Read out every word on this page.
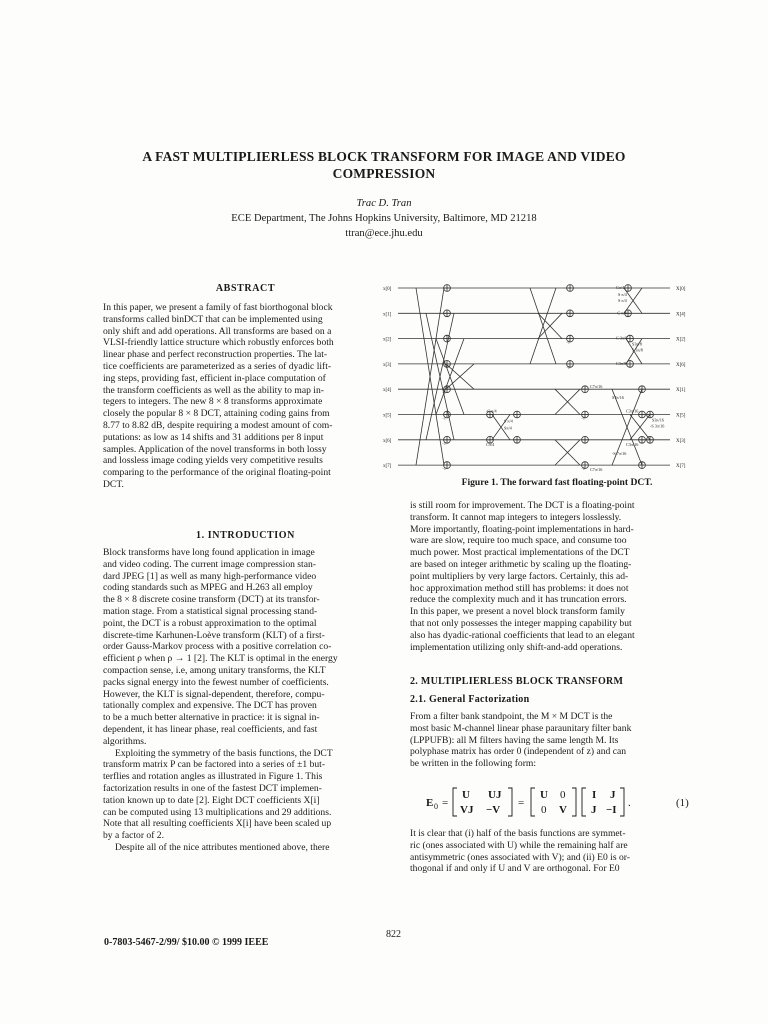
A FAST MULTIPLIERLESS BLOCK TRANSFORM FOR IMAGE AND VIDEO
COMPRESSION
Trac D. Tran
ECE Department, The Johns Hopkins University, Baltimore, MD 21218
ttran@ece.jhu.edu
ABSTRACT

In this paper, we present a family of fast biorthogonal block
transforms called binDCT that can be implemented using
only shift and add operations. All transforms are based on a
VLSI-friendly lattice structure which robustly enforces both
linear phase and perfect reconstruction properties. The lat-
tice coefficients are parameterized as a series of dyadic lift-
ing steps, providing fast, efficient in-place computation of
the transform coefficients as well as the ability to map in-
tegers to integers. The new 8 × 8 transforms approximate
closely the popular 8 × 8 DCT, attaining coding gains from
8.77 to 8.82 dB, despite requiring a modest amount of com-
putations: as low as 14 shifts and 31 additions per 8 input
samples. Application of the novel transforms in both lossy
and lossless image coding yields very competitive results
comparing to the performance of the original floating-point
DCT.

1. INTRODUCTION

Block transforms have long found application in image
and video coding. The current image compression stan-
dard JPEG [1] as well as many high-performance video
coding standards such as MPEG and H.263 all employ
the 8 × 8 discrete cosine transform (DCT) at its transfor-
mation stage. From a statistical signal processing stand-
point, the DCT is a robust approximation to the optimal
discrete-time Karhunen-Loève transform (KLT) of a first-
order Gauss-Markov process with a positive correlation co-
efficient ρ when ρ → 1 [2]. The KLT is optimal in the energy
compaction sense, i.e, among unitary transforms, the KLT
packs signal energy into the fewest number of coefficients.
However, the KLT is signal-dependent, therefore, compu-
tationally complex and expensive. The DCT has proven
to be a much better alternative in practice: it is signal in-
dependent, it has linear phase, real coefficients, and fast
algorithms.
Exploiting the symmetry of the basis functions, the DCT
transform matrix P can be factored into a series of ±1 but-
terflies and rotation angles as illustrated in Figure 1. This
factorization results in one of the fastest DCT implemen-
tation known up to date [2]. Eight DCT coefficients X[i]
can be computed using 13 multiplications and 29 additions.
Note that all resulting coefficients X[i] have been scaled up
by a factor of 2.
Despite all of the nice attributes mentioned above, there

x[0]
x[1]
x[2]
x[3]
x[4]
x[5]
x[6]
x[7]
X[0]
X[4]
X[2]
X[6]
X[1]
X[5]
X[3]
X[7]
−1
−1
−1
−1
−1
−1
−1
−1
Cπ/4
S π/4
S π/4
-C π/4
C 3π/8
S3π/8
S 3π/8
C3π/8
C7π/16
S7π/16
C3π/16
S3π/16
-S 3π/16
C3π/16
-S 7π/16
C7π/16
-C π/4
S π/4
Sπ/4
Cπ/4
Figure 1. The forward fast floating-point DCT.

is still room for improvement. The DCT is a floating-point
transform. It cannot map integers to integers losslessly.
More importantly, floating-point implementations in hard-
ware are slow, require too much space, and consume too
much power. Most practical implementations of the DCT
are based on integer arithmetic by scaling up the floating-
point multipliers by very large factors. Certainly, this ad-
hoc approximation method still has problems: it does not
reduce the complexity much and it has truncation errors.
In this paper, we present a novel block transform family
that not only possesses the integer mapping capability but
also has dyadic-rational coefficients that lead to an elegant
implementation utilizing only shift-and-add operations.

2. MULTIPLIERLESS BLOCK TRANSFORM
2.1. General Factorization

From a filter bank standpoint, the M × M DCT is the
most basic M-channel linear phase paraunitary filter bank
(LPPUFB): all M filters having the same length M. Its
polyphase matrix has order 0 (independent of z) and can
be written in the following form:

E 0 =
U UJ
VJ −V
=
U 0
0 V
I J
J −I
.	(1)

It is clear that (i) half of the basis functions are symmet-
ric (ones associated with U) while the remaining half are
antisymmetric (ones associated with V); and (ii) E0 is or-
thogonal if and only if U and V are orthogonal. For E0

0-7803-5467-2/99/ $10.00 © 1999 IEEE
822
